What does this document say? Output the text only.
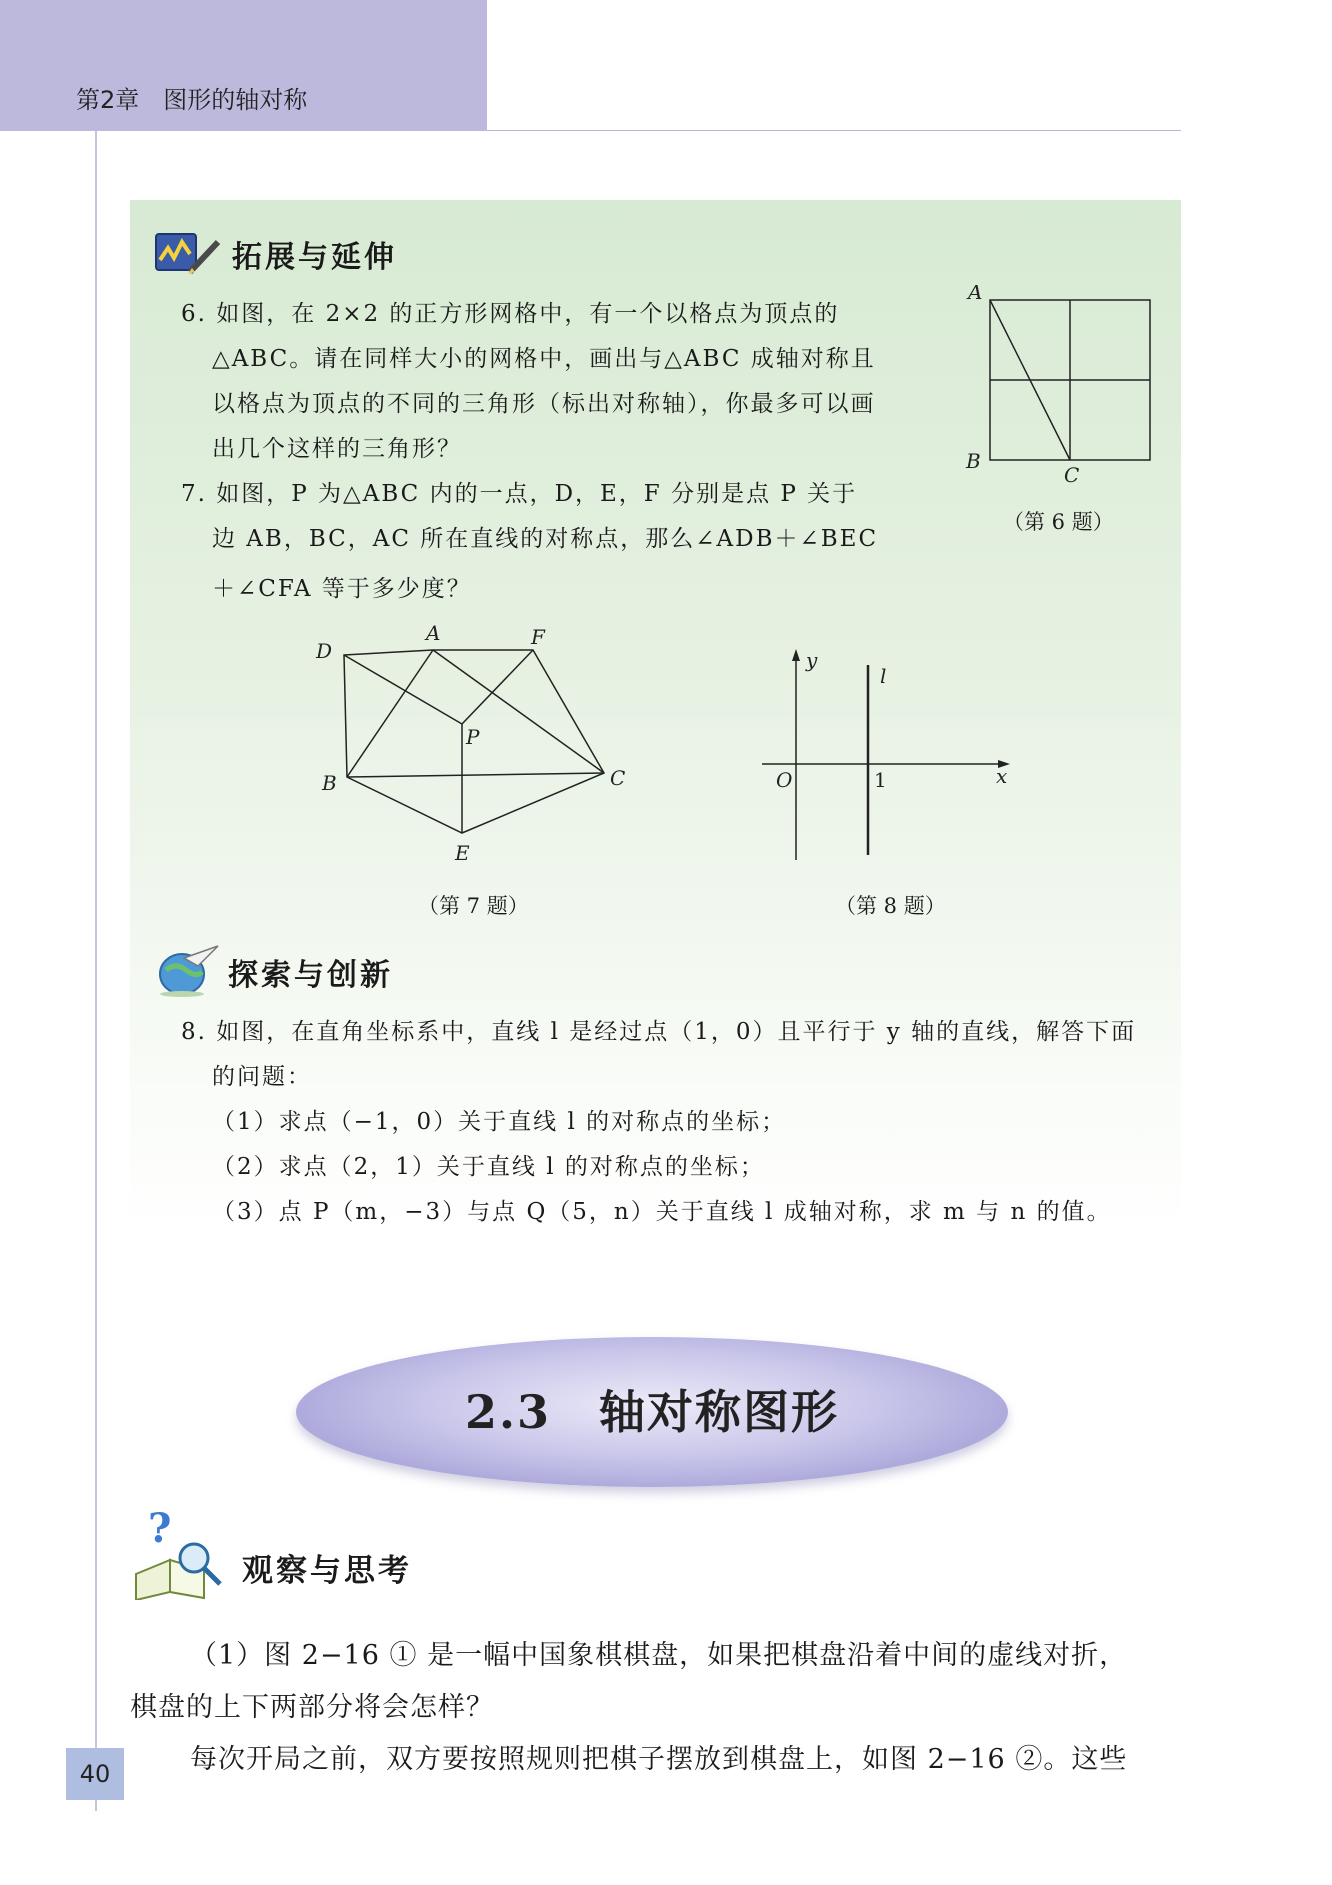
第2章　图形的轴对称
拓展与延伸
6. 如图，在 2×2 的正方形网格中，有一个以格点为顶点的
△ABC。请在同样大小的网格中，画出与△ABC 成轴对称且
以格点为顶点的不同的三角形（标出对称轴），你最多可以画
出几个这样的三角形？
7. 如图，P 为△ABC 内的一点，D，E，F 分别是点 P 关于
边 AB，BC，AC 所在直线的对称点，那么∠ADB＋∠BEC
＋∠CFA 等于多少度？
A
B
C
（第 6 题）
A
D
F
P
B	C
E
（第 7 题）
y
l
O	1	x
（第 8 题）
探索与创新
8. 如图，在直角坐标系中，直线 l 是经过点（1，0）且平行于 y 轴的直线，解答下面
的问题：
（1）求点（−1，0）关于直线 l 的对称点的坐标；
（2）求点（2，1）关于直线 l 的对称点的坐标；
（3）点 P（m，−3）与点 Q（5，n）关于直线 l 成轴对称，求 m 与 n 的值。
2.3　轴对称图形
?
观察与思考
（1）图 2−16 ① 是一幅中国象棋棋盘，如果把棋盘沿着中间的虚线对折，
棋盘的上下两部分将会怎样？
每次开局之前，双方要按照规则把棋子摆放到棋盘上，如图 2−16 ②。这些
40
